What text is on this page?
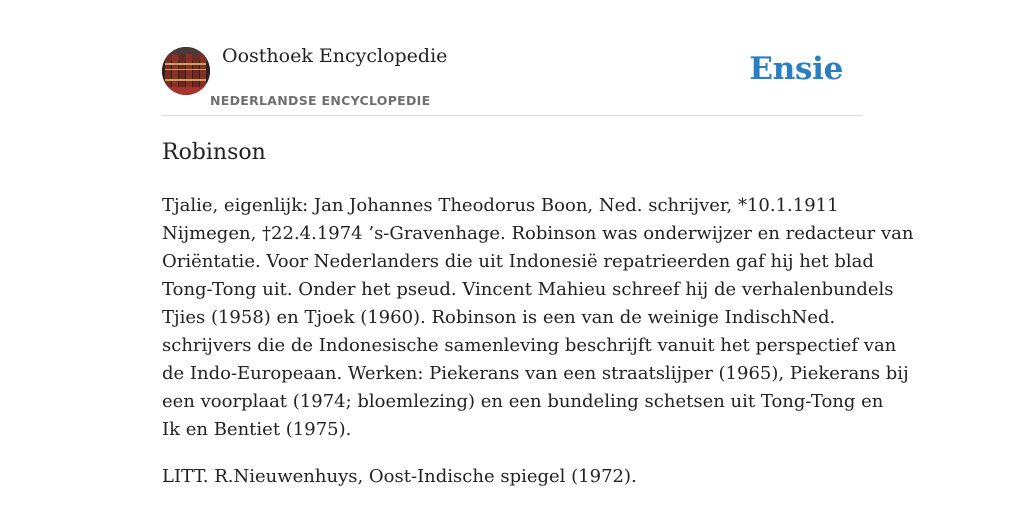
Oosthoek Encyclopedie
NEDERLANDSE ENCYCLOPEDIE
Ensie
Robinson

Tjalie, eigenlijk: Jan Johannes Theodorus Boon, Ned. schrijver, *10.1.1911
Nijmegen, †22.4.1974 ’s-Gravenhage. Robinson was onderwijzer en redacteur van
Oriëntatie. Voor Nederlanders die uit Indonesië repatrieerden gaf hij het blad
Tong-Tong uit. Onder het pseud. Vincent Mahieu schreef hij de verhalenbundels
Tjies (1958) en Tjoek (1960). Robinson is een van de weinige IndischNed.
schrijvers die de Indonesische samenleving beschrijft vanuit het perspectief van
de Indo-Europeaan. Werken: Piekerans van een straatslijper (1965), Piekerans bij
een voorplaat (1974; bloemlezing) en een bundeling schetsen uit Tong-Tong en
Ik en Bentiet (1975).

LITT. R.Nieuwenhuys, Oost-Indische spiegel (1972).
